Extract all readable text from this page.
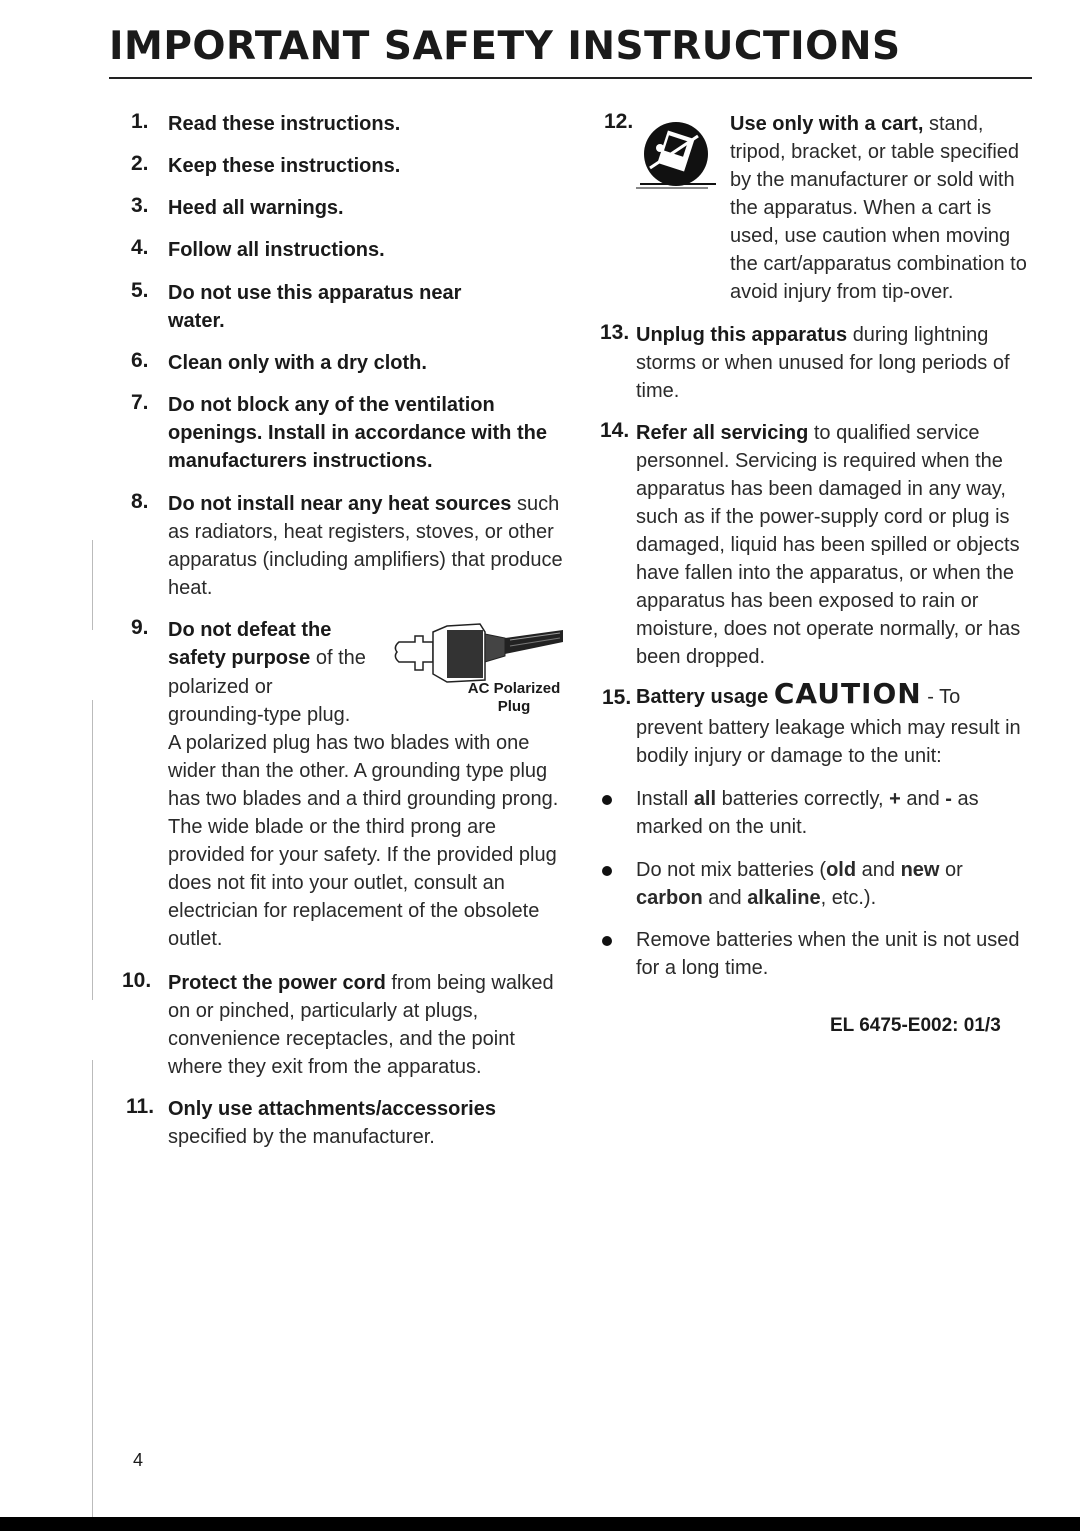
IMPORTANT SAFETY INSTRUCTIONS
1. Read these instructions.
2. Keep these instructions.
3. Heed all warnings.
4. Follow all instructions.
5. Do not use this apparatus near water.
6. Clean only with a dry cloth.
7. Do not block any of the ventilation openings. Install in accordance with the manufacturers instructions.
8. Do not install near any heat sources such as radiators, heat registers, stoves, or other apparatus (including amplifiers) that produce heat.
9. Do not defeat the
safety purpose of the
polarized or
grounding-type plug.
A polarized plug has two blades with one wider than the other. A grounding type plug has two blades and a third grounding prong. The wide blade or the third prong are provided for your safety. If the provided plug does not fit into your outlet, consult an electrician for replacement of the obsolete outlet.
AC Polarized
Plug
10. Protect the power cord from being walked on or pinched, particularly at plugs, convenience receptacles, and the point where they exit from the apparatus.
11. Only use attachments/accessories
specified by the manufacturer.
12.	Use only with a cart, stand, tripod, bracket, or table specified by the manufacturer or sold with the apparatus. When a cart is used, use caution when moving the cart/apparatus combination to avoid injury from tip-over.
13. Unplug this apparatus during lightning storms or when unused for long periods of time.
14. Refer all servicing to qualified service personnel. Servicing is required when the apparatus has been damaged in any way, such as if the power-supply cord or plug is damaged, liquid has been spilled or objects have fallen into the apparatus, or when the apparatus has been exposed to rain or moisture, does not operate normally, or has been dropped.
15. Battery usage CAUTION - To
prevent battery leakage which may result in bodily injury or damage to the unit:
Install all batteries correctly, + and - as marked on the unit.
Do not mix batteries (old and new or carbon and alkaline, etc.).
Remove batteries when the unit is not used for a long time.
EL 6475-E002: 01/3
4
